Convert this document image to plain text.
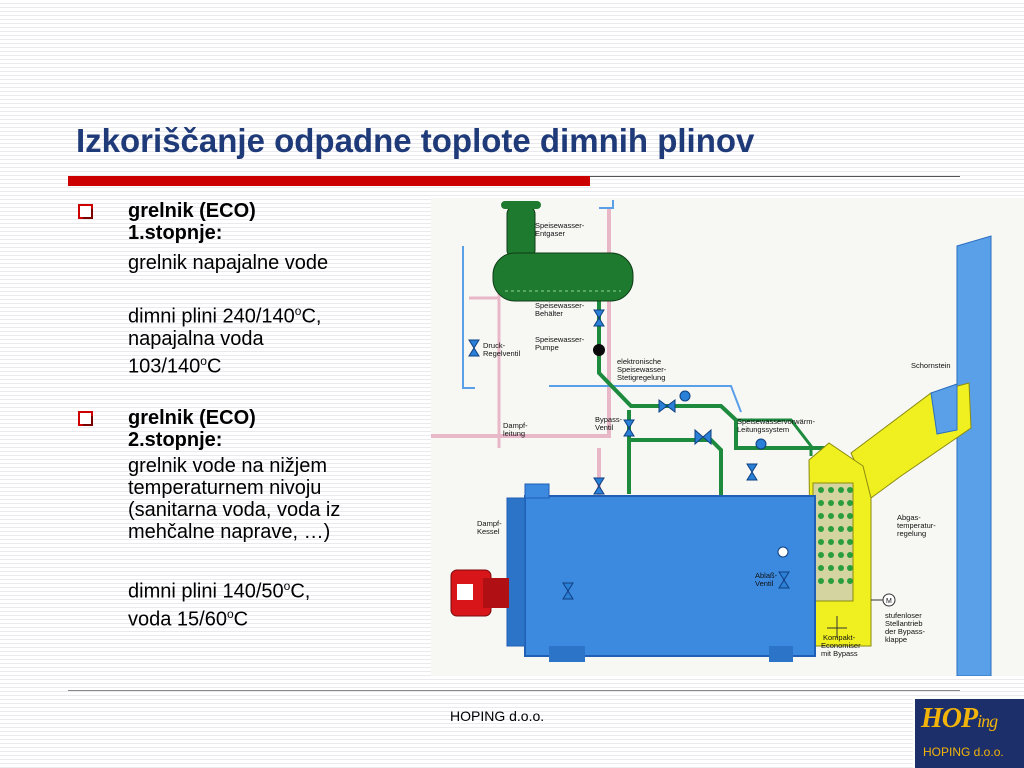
Izkoriščanje odpadne toplote dimnih plinov
grelnik (ECO)
1.stopnje:
grelnik napajalne vode
dimni plini 240/140$^o$C,
napajalna voda
103/140$^o$C
grelnik (ECO)
2.stopnje:
grelnik vode na nižjem
temperaturnem nivoju
(sanitarna voda, voda iz
mehčalne naprave, …)
dimni plini 140/50$^o$C,
voda 15/60$^o$C
M
Speisewasser-
Entgaser
Speisewasser-
Behälter
Speisewasser-
Pumpe
Druck-
Regelventil
elektronische
Speisewasser-
Stetigregelung
Schornstein
Bypass-
Ventil
Dampf-
leitung
Speisewasservorwärm-
Leitungssystem
Dampf-
Kessel
Abgas-
temperatur-
regelung
Ablaß-
Ventil
stufenloser
Stellantrieb
der Bypass-
klappe
Kompakt-
Economiser
mit Bypass
HOPING d.o.o.	HOPing
HOPING d.o.o.
